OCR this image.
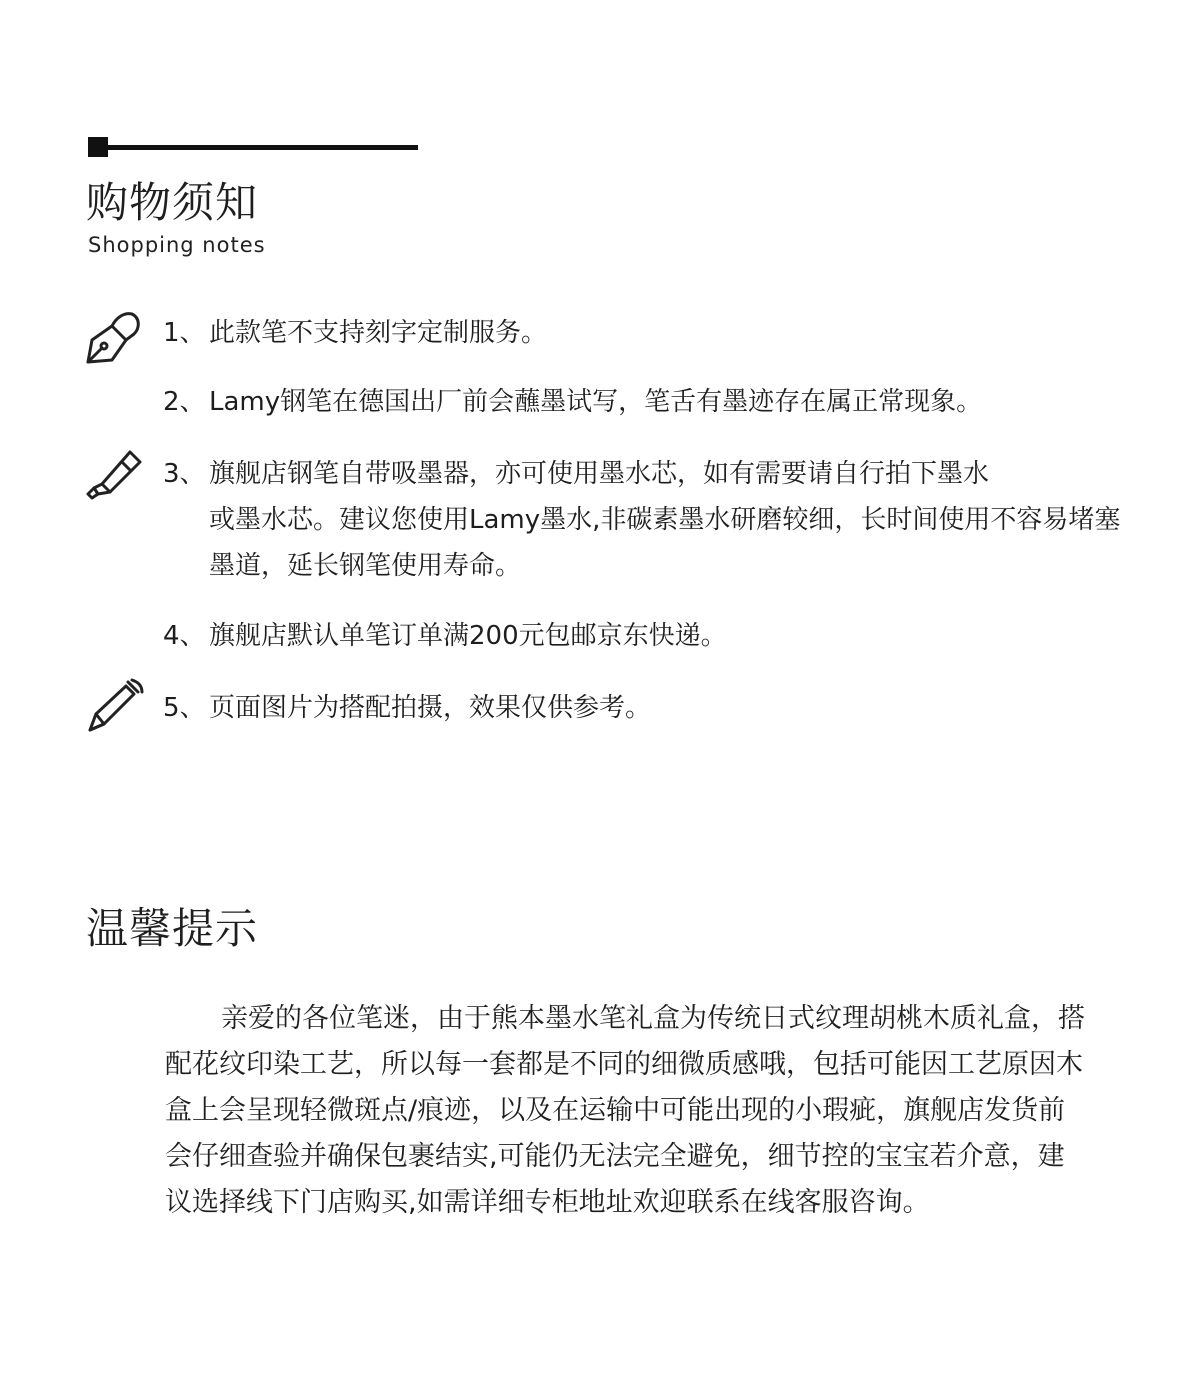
购物须知
Shopping notes
1、 此款笔不支持刻字定制服务。
2、 Lamy钢笔在德国出厂前会蘸墨试写，笔舌有墨迹存在属正常现象。
3、 旗舰店钢笔自带吸墨器，亦可使用墨水芯，如有需要请自行拍下墨水
或墨水芯。建议您使用Lamy墨水,非碳素墨水研磨较细，长时间使用不容易堵塞墨道，延长钢笔使用寿命。
4、 旗舰店默认单笔订单满200元包邮京东快递。
5、 页面图片为搭配拍摄，效果仅供参考。
温馨提示

亲爱的各位笔迷，由于熊本墨水笔礼盒为传统日式纹理胡桃木质礼盒，搭配花纹印染工艺，所以每一套都是不同的细微质感哦，包括可能因工艺原因木盒上会呈现轻微斑点/痕迹，以及在运输中可能出现的小瑕疵，旗舰店发货前会仔细查验并确保包裹结实,可能仍无法完全避免，细节控的宝宝若介意，建议选择线下门店购买,如需详细专柜地址欢迎联系在线客服咨询。
